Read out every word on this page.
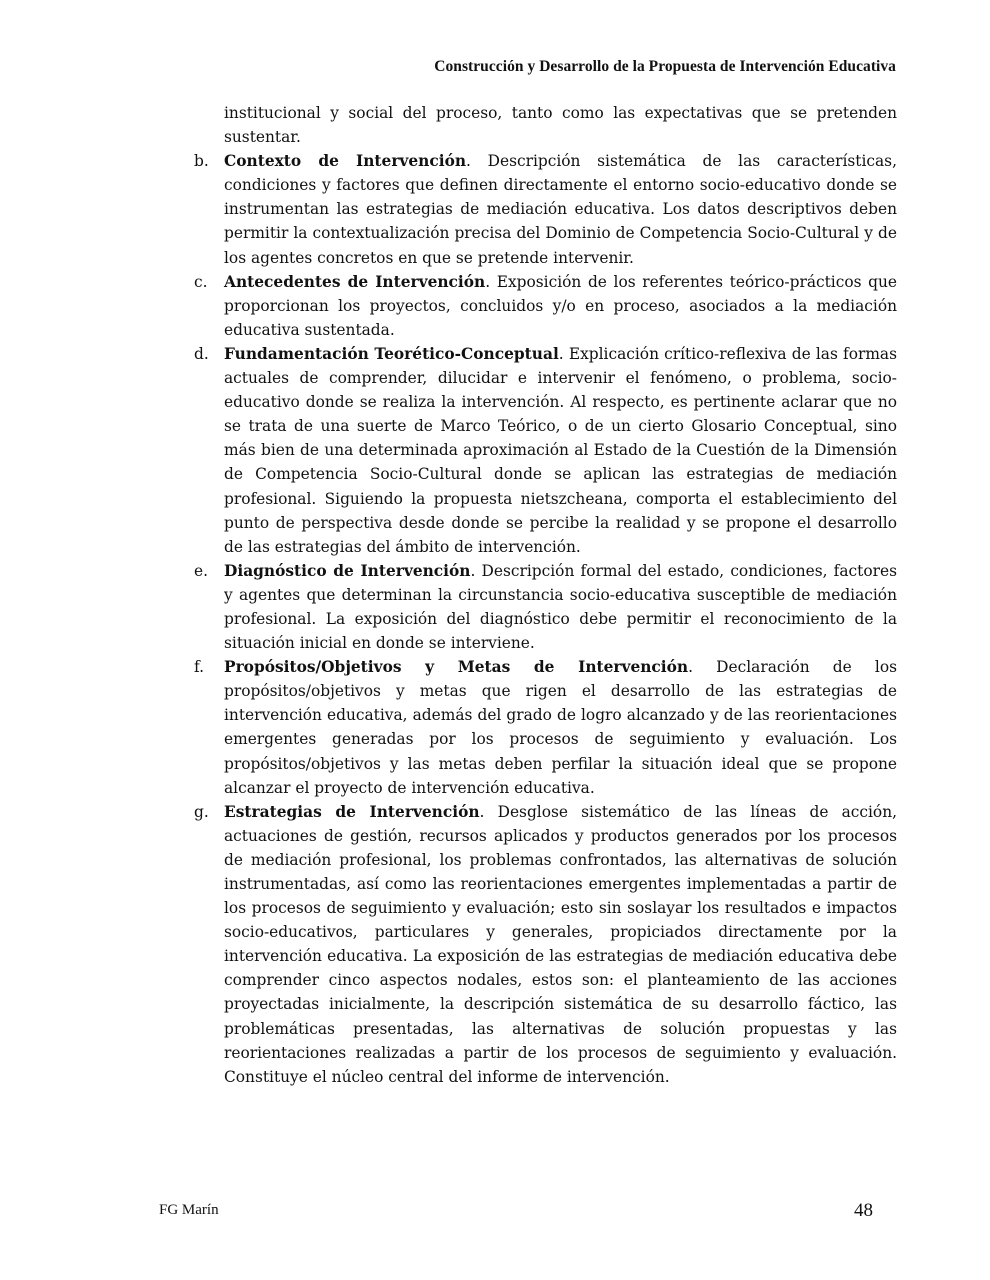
Construcción y Desarrollo de la Propuesta de Intervención Educativa

institucional y social del proceso, tanto como las expectativas que se pretenden sustentar.

b. Contexto de Intervención. Descripción sistemática de las características, condiciones y factores que definen directamente el entorno socio-educativo donde se instrumentan las estrategias de mediación educativa. Los datos descriptivos deben permitir la contextualización precisa del Dominio de Competencia Socio-Cultural y de los agentes concretos en que se pretende intervenir.
c.	Antecedentes de Intervención. Exposición de los referentes teórico-prácticos que proporcionan los proyectos, concluidos y/o en proceso, asociados a la mediación educativa sustentada.
d. Fundamentación Teorético-Conceptual. Explicación crítico-reflexiva de las formas actuales de comprender, dilucidar e intervenir el fenómeno, o problema, socio-educativo donde se realiza la intervención. Al respecto, es pertinente aclarar que no se trata de una suerte de Marco Teórico, o de un cierto Glosario Conceptual, sino más bien de una determinada aproximación al Estado de la Cuestión de la Dimensión de Competencia Socio-Cultural donde se aplican las estrategias de mediación profesional. Siguiendo la propuesta nietszcheana, comporta el establecimiento del punto de perspectiva desde donde se percibe la realidad y se propone el desarrollo de las estrategias del ámbito de intervención.
e.	Diagnóstico de Intervención. Descripción formal del estado, condiciones, factores y agentes que determinan la circunstancia socio-educativa susceptible de mediación profesional. La exposición del diagnóstico debe permitir el reconocimiento de la situación inicial en donde se interviene.
f.	Propósitos/Objetivos y Metas de Intervención. Declaración de los propósitos/objetivos y metas que rigen el desarrollo de las estrategias de intervención educativa, además del grado de logro alcanzado y de las reorientaciones emergentes generadas por los procesos de seguimiento y evaluación. Los propósitos/objetivos y las metas deben perfilar la situación ideal que se propone alcanzar el proyecto de intervención educativa.
g. Estrategias de Intervención. Desglose sistemático de las líneas de acción, actuaciones de gestión, recursos aplicados y productos generados por los procesos de mediación profesional, los problemas confrontados, las alternativas de solución instrumentadas, así como las reorientaciones emergentes implementadas a partir de los procesos de seguimiento y evaluación; esto sin soslayar los resultados e impactos socio-educativos, particulares y generales, propiciados directamente por la intervención educativa. La exposición de las estrategias de mediación educativa debe comprender cinco aspectos nodales, estos son: el planteamiento de las acciones proyectadas inicialmente, la descripción sistemática de su desarrollo fáctico, las problemáticas presentadas, las alternativas de solución propuestas y las reorientaciones realizadas a partir de los procesos de seguimiento y evaluación. Constituye el núcleo central del informe de intervención.
FG Marín	48
